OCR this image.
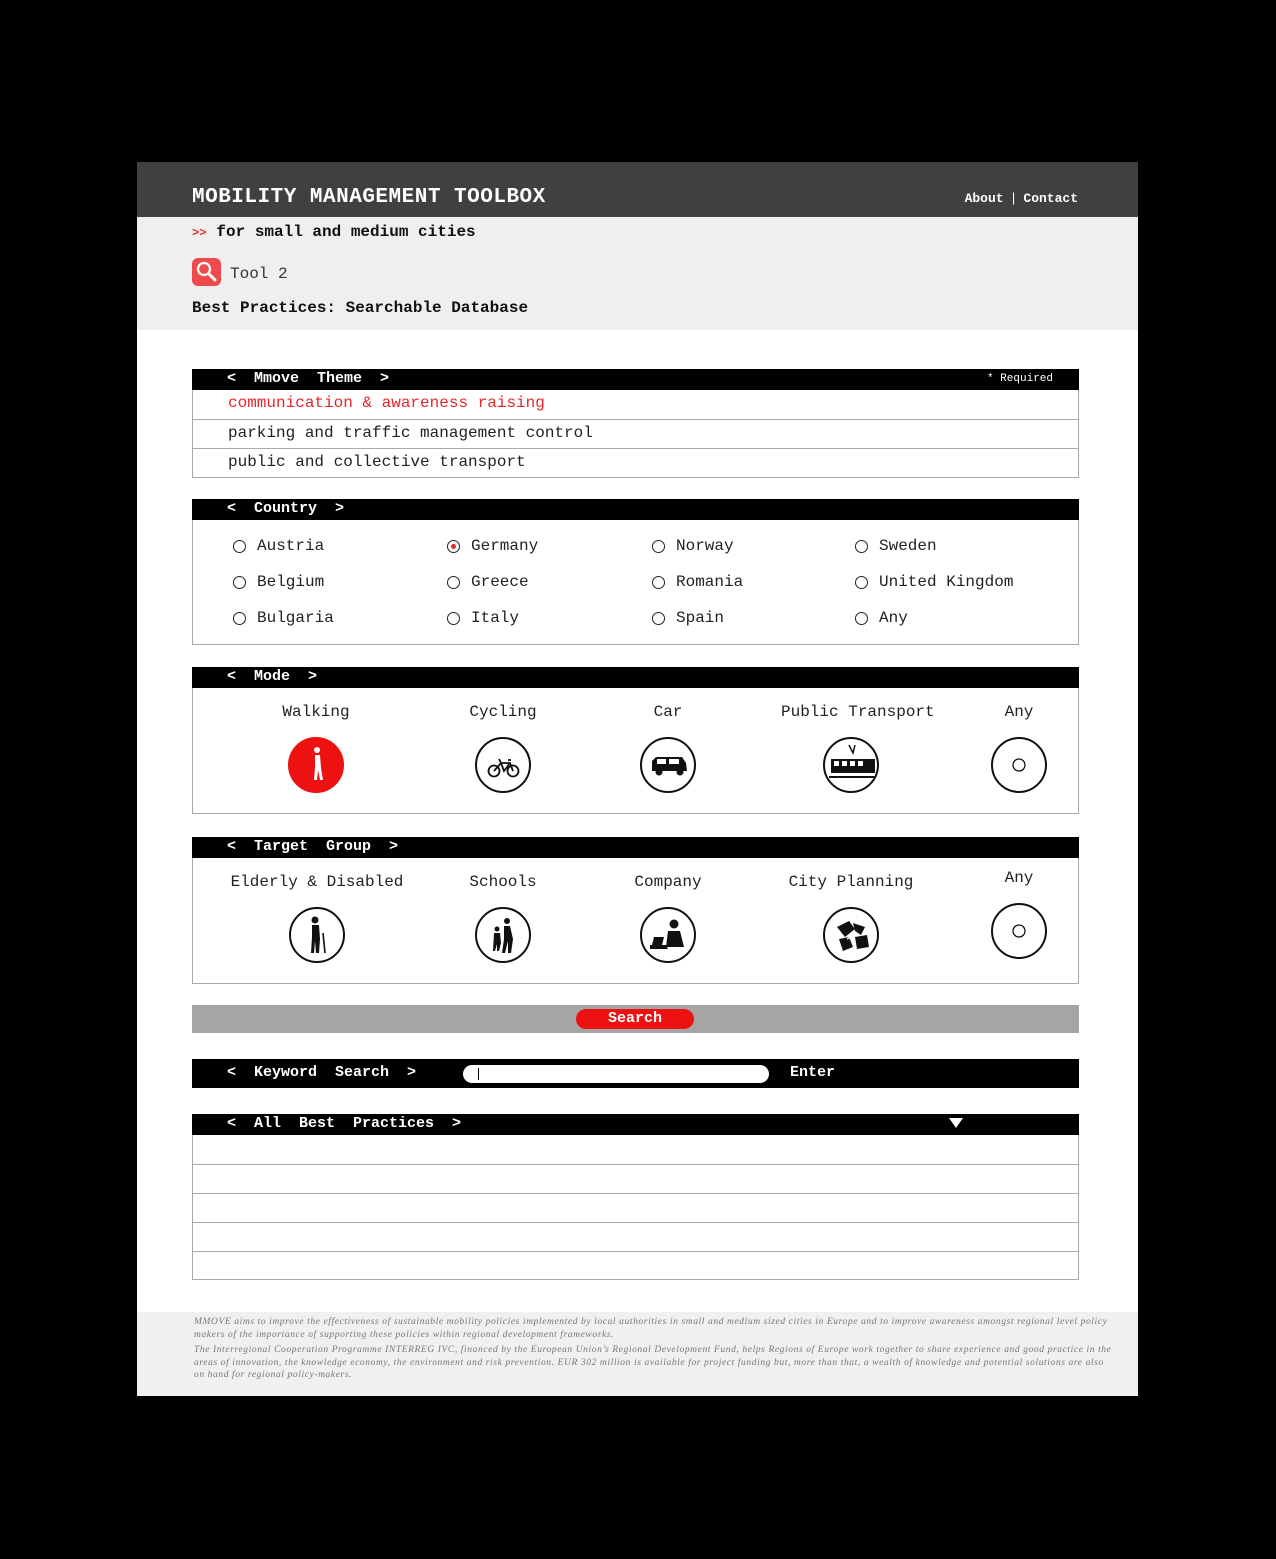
MOBILITY MANAGEMENT TOOLBOX	About | Contact
>> for small and medium cities
Tool 2
Best Practices: Searchable Database
<  Mmove  Theme  >	* Required
communication & awareness raising
parking and traffic management control
public and collective transport
<  Country  >
Austria	Germany	Norway	Sweden
Belgium	Greece	Romania	United Kingdom
Bulgaria	Italy	Spain	Any
<  Mode  >
Walking	Cycling	Car	Public Transport	Any
<  Target  Group  >
Elderly & Disabled	Schools	Company	City Planning	Any
Search
<  Keyword  Search  >	Enter
<  All  Best  Practices  >

MMOVE aims to improve the effectiveness of sustainable mobility policies implemented by local authorities in small and medium sized cities in Europe and to improve awareness amongst regional level policy makers of the importance of supporting these policies within regional development frameworks.

The Interregional Cooperation Programme INTERREG IVC, financed by the European Union’s Regional Development Fund, helps Regions of Europe work together to share experience and good practice in the areas of innovation, the knowledge economy, the environment and risk prevention. EUR 302 million is available for project funding but, more than that, a wealth of knowledge and potential solutions are also on hand for regional policy-makers.
